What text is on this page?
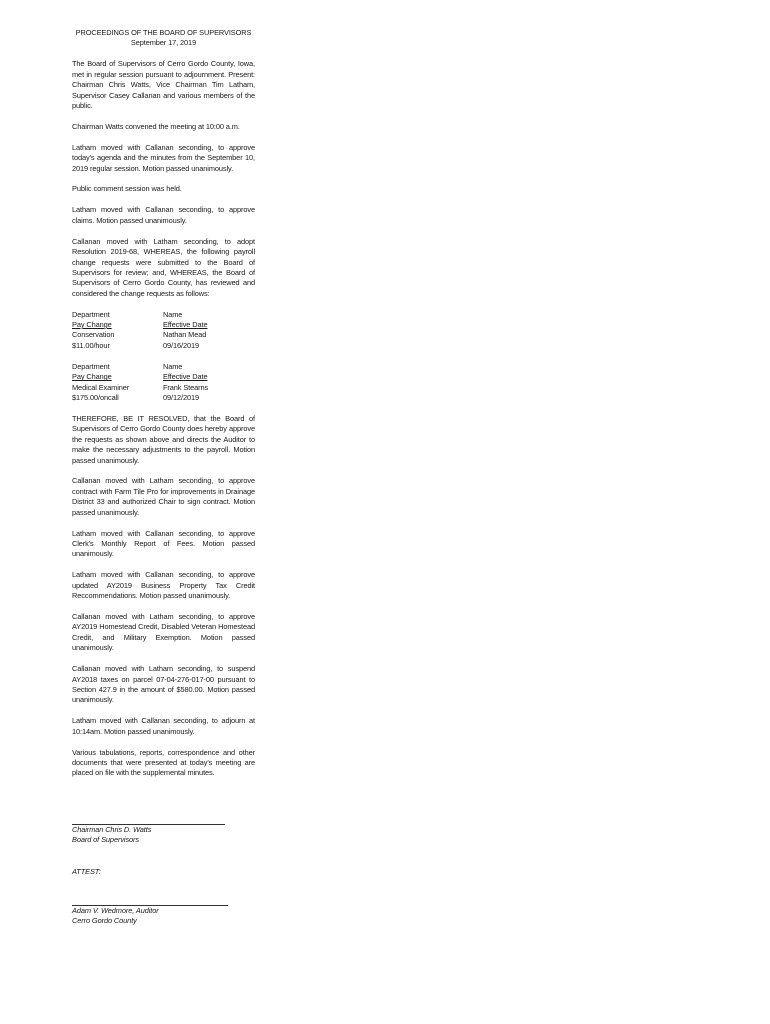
PROCEEDINGS OF THE BOARD OF SUPERVISORS
September 17, 2019

The Board of Supervisors of Cerro Gordo County, Iowa, met in regular session pursuant to adjournment. Present: Chairman Chris Watts, Vice Chairman Tim Latham, Supervisor Casey Callanan and various members of the public.

Chairman Watts convened the meeting at 10:00 a.m.

Latham moved with Callanan seconding, to approve today's agenda and the minutes from the September 10, 2019 regular session. Motion passed unanimously.

Public comment session was held.

Latham moved with Callanan seconding, to approve claims. Motion passed unanimously.

Callanan moved with Latham seconding, to adopt Resolution 2019-68, WHEREAS, the following payroll change requests were submitted to the Board of Supervisors for review; and, WHEREAS, the Board of Supervisors of Cerro Gordo County, has reviewed and considered the change requests as follows:

Department	Name
Pay Change	Effective Date
Conservation	Nathan Mead
$11.00/hour	09/16/2019
Department	Name
Pay Change	Effective Date
Medical Examiner	Frank Stearns
$175.00/oncall	09/12/2019

THEREFORE, BE IT RESOLVED, that the Board of Supervisors of Cerro Gordo County does hereby approve the requests as shown above and directs the Auditor to make the necessary adjustments to the payroll. Motion passed unanimously.

Callanan moved with Latham seconding, to approve contract with Farm Tile Pro for improvements in Drainage District 33 and authorized Chair to sign contract. Motion passed unanimously.

Latham moved with Callanan seconding, to approve Clerk's Monthly Report of Fees. Motion passed unanimously.

Latham moved with Callanan seconding, to approve updated AY2019 Business Property Tax Credit Reccommendations. Motion passed unanimously.

Callanan moved with Latham seconding, to approve AY2019 Homestead Credit, Disabled Veteran Homestead Credit, and Military Exemption. Motion passed unanimously.

Callanan moved with Latham seconding, to suspend AY2018 taxes on parcel 07-04-276-017-00 pursuant to Section 427.9 in the amount of $580.00. Motion passed unanimously.

Latham moved with Callanan seconding, to adjourn at 10:14am. Motion passed unanimously.

Various tabulations, reports, correspondence and other documents that were presented at today's meeting are placed on file with the supplemental minutes.

Chairman Chris D. Watts
Board of Supervisors
ATTEST:
Adam V. Wedmore, Auditor
Cerro Gordo County
